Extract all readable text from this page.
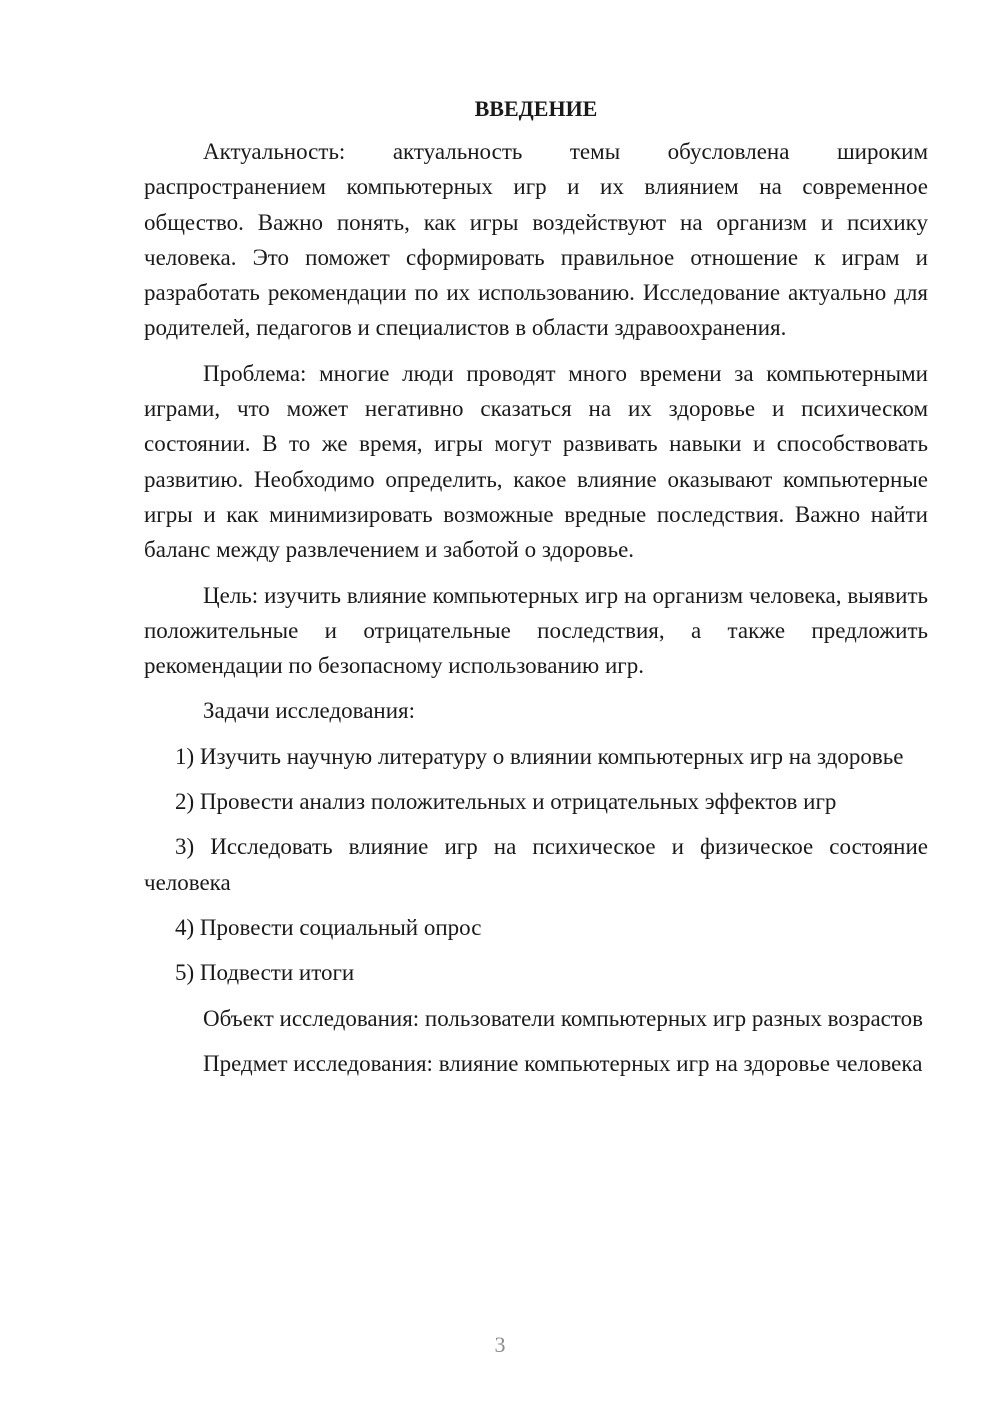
ВВЕДЕНИЕ

Актуальность: актуальность темы обусловлена широким распространением компьютерных игр и их влиянием на современное общество. Важно понять, как игры воздействуют на организм и психику человека. Это поможет сформировать правильное отношение к играм и разработать рекомендации по их использованию. Исследование актуально для родителей, педагогов и специалистов в области здравоохранения.

Проблема: многие люди проводят много времени за компьютерными играми, что может негативно сказаться на их здоровье и психическом состоянии. В то же время, игры могут развивать навыки и способствовать развитию. Необходимо определить, какое влияние оказывают компьютерные игры и как минимизировать возможные вредные последствия. Важно найти баланс между развлечением и заботой о здоровье.

Цель: изучить влияние компьютерных игр на организм человека, выявить положительные и отрицательные последствия, а также предложить рекомендации по безопасному использованию игр.

Задачи исследования:

1) Изучить научную литературу о влиянии компьютерных игр на здоровье

2) Провести анализ положительных и отрицательных эффектов игр

3) Исследовать влияние игр на психическое и физическое состояние человека

4) Провести социальный опрос

5) Подвести итоги

Объект исследования: пользователи компьютерных игр разных возрастов

Предмет исследования: влияние компьютерных игр на здоровье человека

3
